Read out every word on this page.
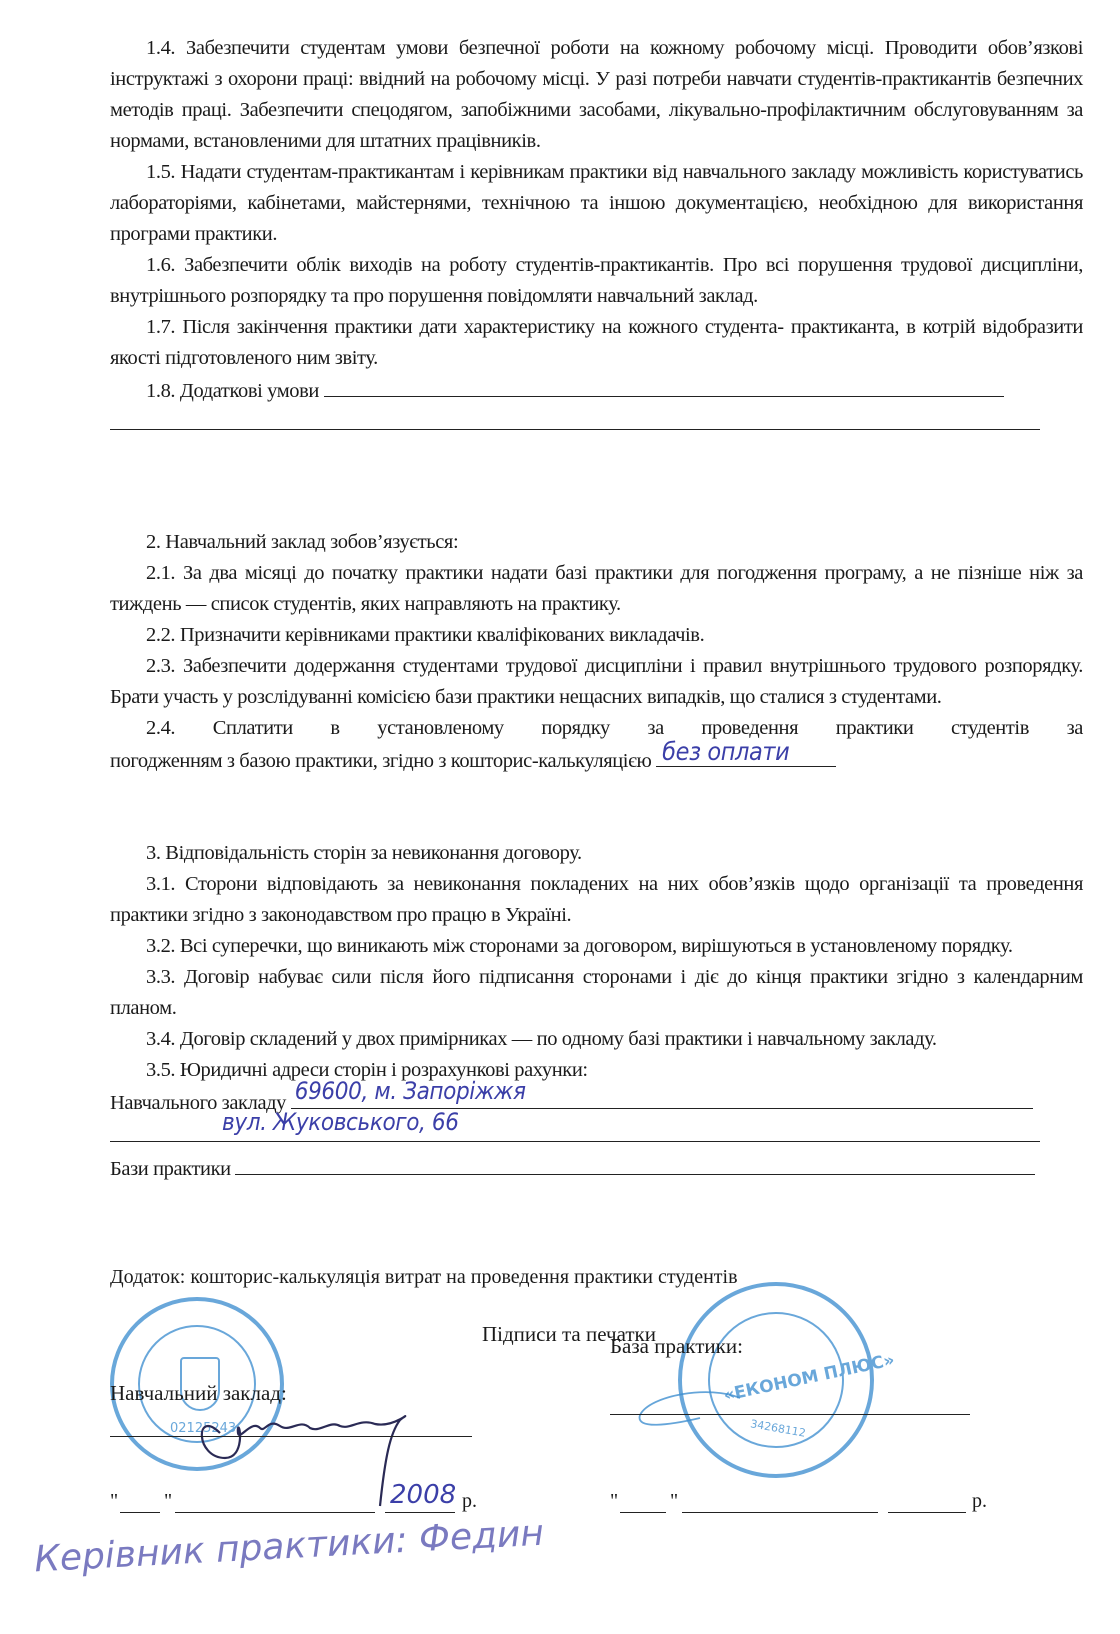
1.4. Забезпечити студентам умови безпечної роботи на кожному робочому місці. Проводити обов’язкові інструктажі з охорони праці: ввідний на робочому місці. У разі потреби навчати студентів-практикантів безпечних методів праці. Забезпечити спецодягом, запобіжними засобами, лікувально-профілактичним обслуговуванням за нормами, встановленими для штатних працівників.

1.5. Надати студентам-практикантам і керівникам практики від навчального закладу можливість користуватись лабораторіями, кабінетами, майстернями, технічною та іншою документацією, необхідною для використання програми практики.

1.6. Забезпечити облік виходів на роботу студентів-практикантів. Про всі порушення трудової дисципліни, внутрішнього розпорядку та про порушення повідомляти навчальний заклад.

1.7. Після закінчення практики дати характеристику на кожного студента- практиканта, в котрій відобразити якості підготовленого ним звіту.

1.8. Додаткові умови

2. Навчальний заклад зобов’язується:

2.1. За два місяці до початку практики надати базі практики для погодження програму, а не пізніше ніж за тиждень — список студентів, яких направляють на практику.

2.2. Призначити керівниками практики кваліфікованих викладачів.

2.3. Забезпечити додержання студентами трудової дисципліни і правил внутрішнього трудового розпорядку. Брати участь у розслідуванні комісією бази практики нещасних випадків, що сталися з студентами.

2.4. Сплатити в установленому порядку за проведення практики студентів за

погодженням з базою практики, згідно з кошторис-калькуляцією без оплати

3. Відповідальність сторін за невиконання договору.

3.1. Сторони відповідають за невиконання покладених на них обов’язків щодо організації та проведення практики згідно з законодавством про працю в Україні.

3.2. Всі суперечки, що виникають між сторонами за договором, вирішуються в установленому порядку.

3.3. Договір набуває сили після його підписання сторонами і діє до кінця практики згідно з календарним планом.

3.4. Договір складений у двох примірниках — по одному базі практики і навчальному закладу.

3.5. Юридичні адреси сторін і розрахункові рахунки:

Навчального закладу 69600, м. Запоріжжя

вул. Жуковського, 66

Бази практики

Додаток: кошторис-калькуляція витрат на проведення практики студентів

Підписи та печатки
02125243
Навчальний заклад:
" "	2008 р.
«ЕКОНОМ ПЛЮС»
34268112
База практики:
"	"	р.
Керівник практики: Федин
